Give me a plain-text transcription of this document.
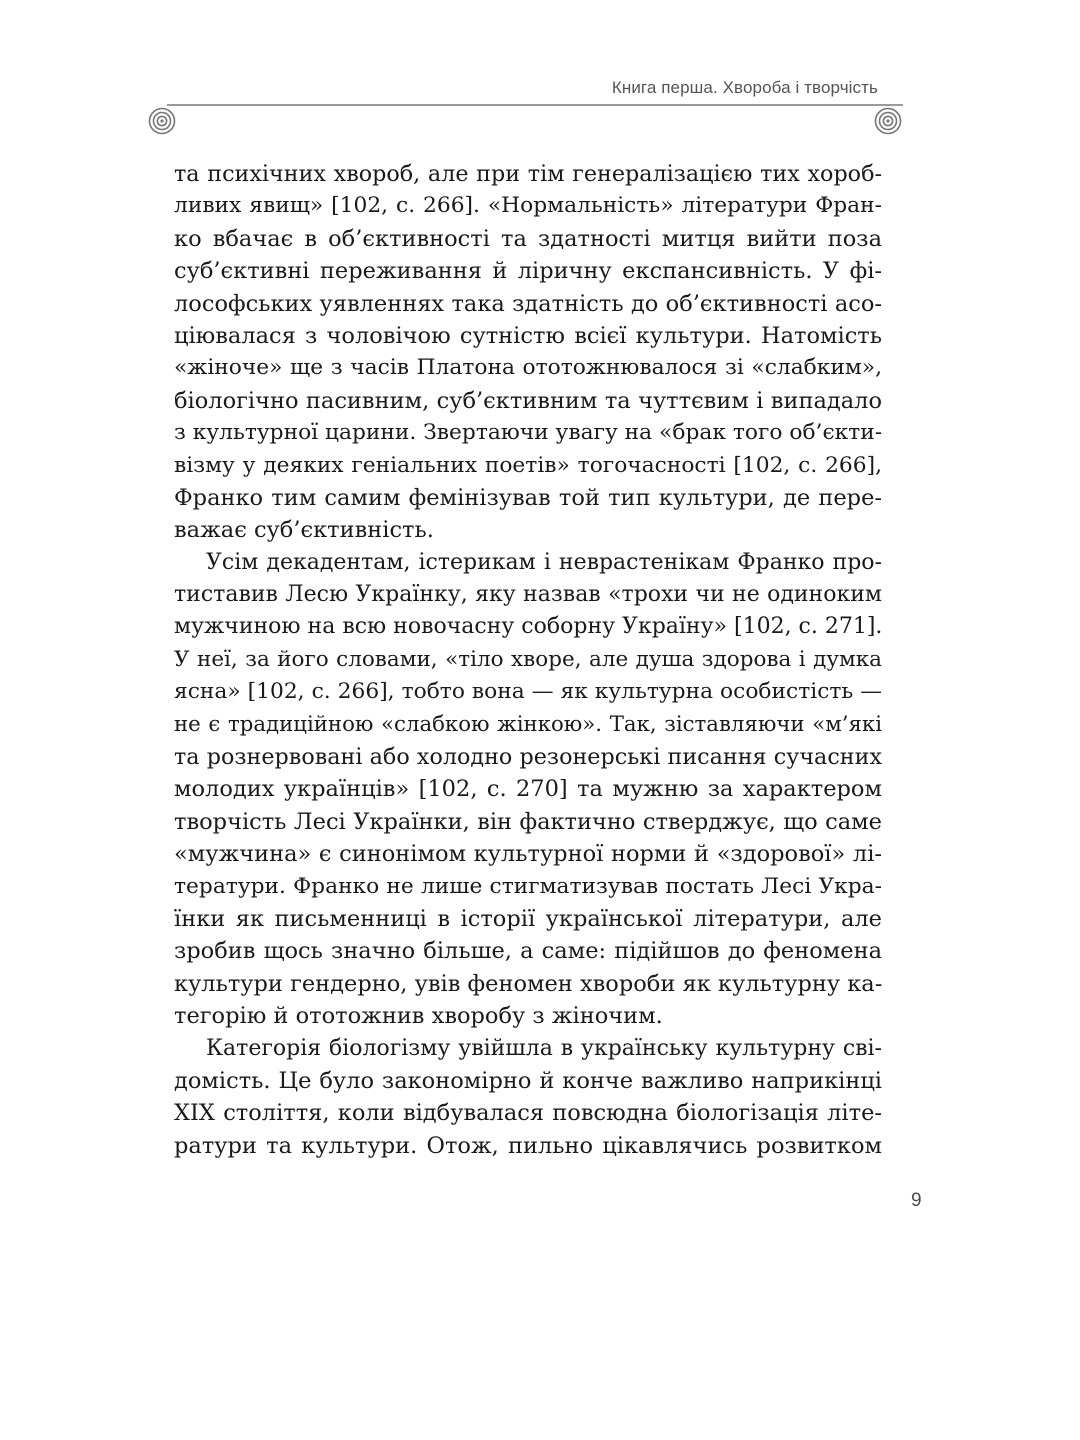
Книга перша. Хвороба і творчість
та психічних хвороб, але при тім генералізацією тих хороб-
ливих явищ» [102, с. 266]. «Нормальність» літератури Фран-
ко вбачає в об’єктивності та здатності митця вийти поза
суб’єктивні переживання й ліричну експансивність. У фі-
лософських уявленнях така здатність до об’єктивності асо-
ціювалася з чоловічою сутністю всієї культури. Натомість
«жіноче» ще з часів Платона ототожнювалося зі «слабким»,
біологічно пасивним, суб’єктивним та чуттєвим і випадало
з культурної царини. Звертаючи увагу на «брак того об’єкти-
візму у деяких геніальних поетів» тогочасності [102, с. 266],
Франко тим самим фемінізував той тип культури, де пере-
важає суб’єктивність.
Усім декадентам, істерикам і неврастенікам Франко про-
тиставив Лесю Українку, яку назвав «трохи чи не одиноким
мужчиною на всю новочасну соборну Україну» [102, с. 271].
У неї, за його словами, «тіло хворе, але душа здорова і думка
ясна» [102, с. 266], тобто вона — як культурна особистість —
не є традиційною «слабкою жінкою». Так, зіставляючи «м’які
та рознервовані або холодно резонерські писання сучасних
молодих українців» [102, с. 270] та мужню за характером
творчість Лесі Українки, він фактично стверджує, що саме
«мужчина» є синонімом культурної норми й «здорової» лі-
тератури. Франко не лише стигматизував постать Лесі Укра-
їнки як письменниці в історії української літератури, але
зробив щось значно більше, а саме: підійшов до феномена
культури гендерно, увів феномен хвороби як культурну ка-
тегорію й ототожнив хворобу з жіночим.
Категорія біологізму увійшла в українську культурну сві-
домість. Це було закономірно й конче важливо наприкінці
XIX століття, коли відбувалася повсюдна біологізація літе-
ратури та культури. Отож, пильно цікавлячись розвитком
9
